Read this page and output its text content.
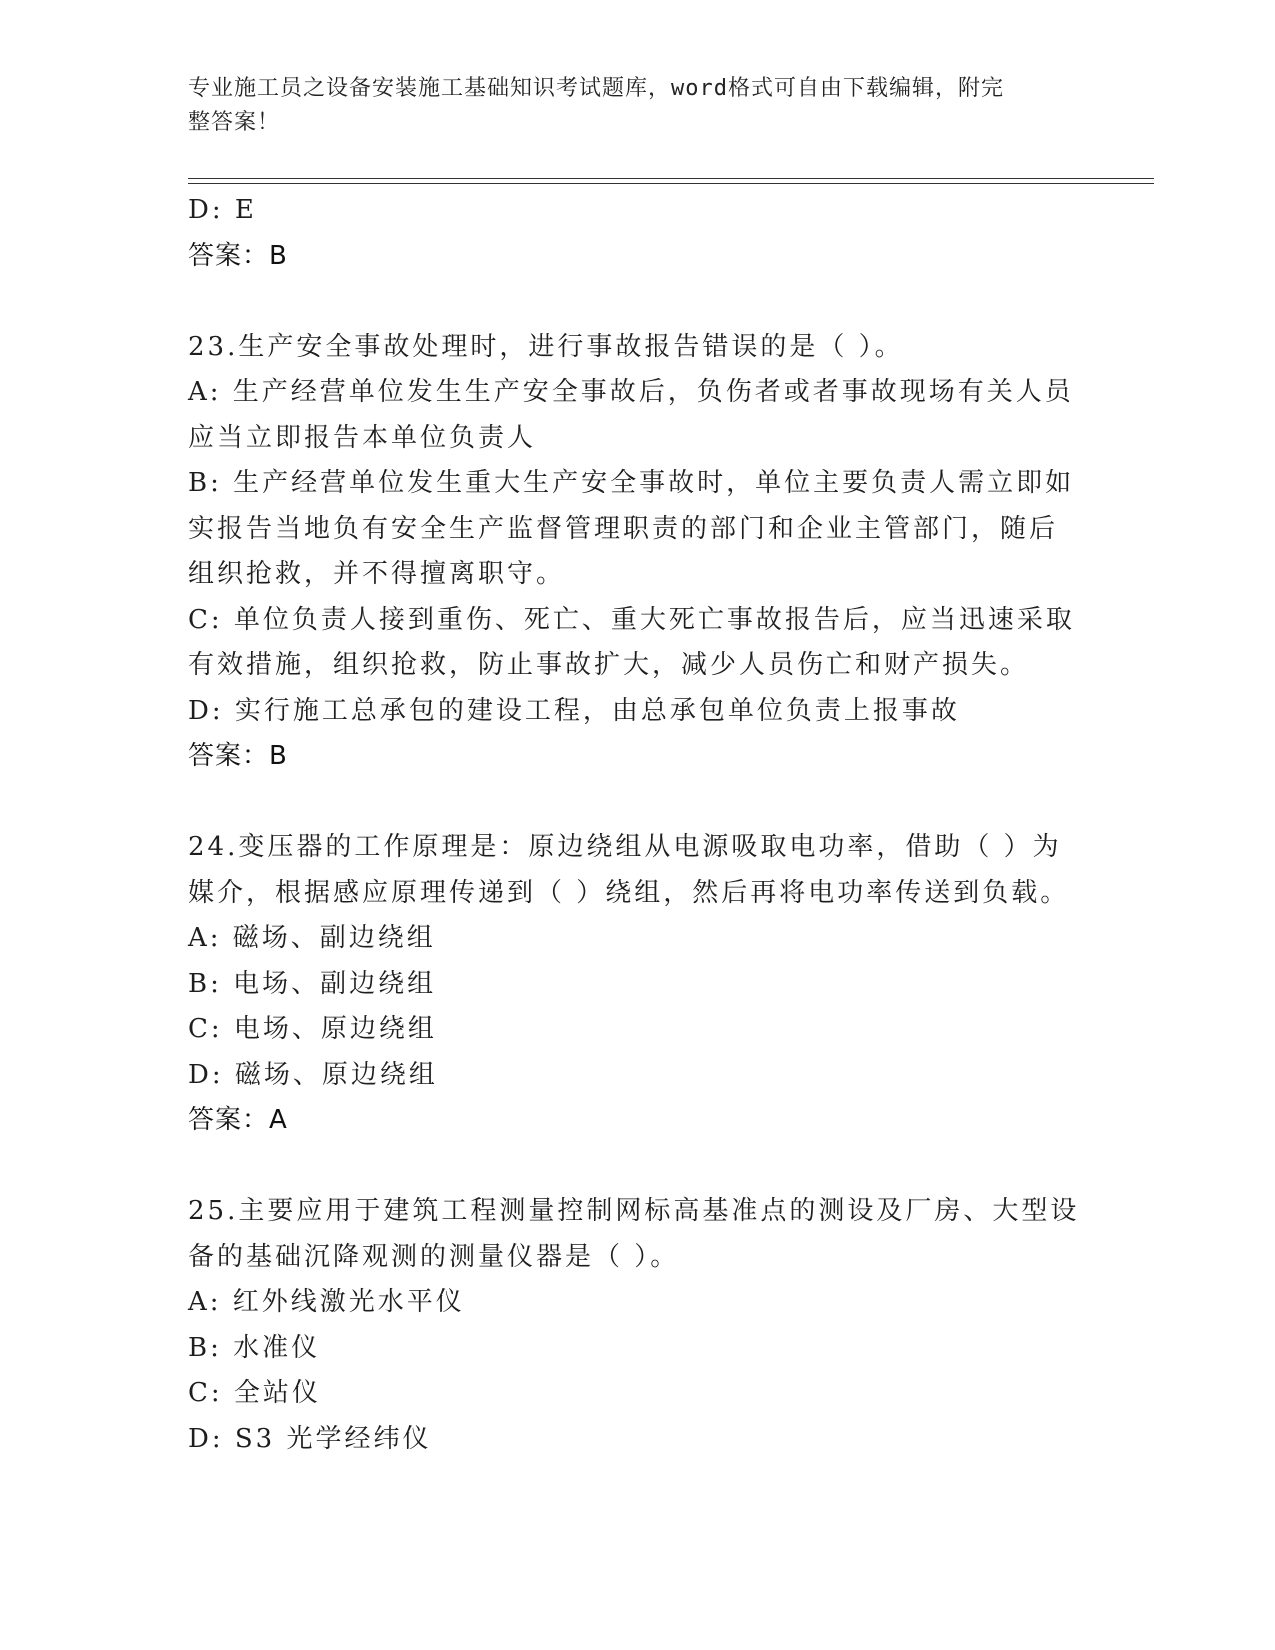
专业施工员之设备安装施工基础知识考试题库，word格式可自由下载编辑，附完
整答案！
D: E
答案：B
23.生产安全事故处理时，进行事故报告错误的是（ ）。
A: 生产经营单位发生生产安全事故后，负伤者或者事故现场有关人员
应当立即报告本单位负责人
B: 生产经营单位发生重大生产安全事故时，单位主要负责人需立即如
实报告当地负有安全生产监督管理职责的部门和企业主管部门，随后
组织抢救，并不得擅离职守。
C: 单位负责人接到重伤、死亡、重大死亡事故报告后，应当迅速采取
有效措施，组织抢救，防止事故扩大，减少人员伤亡和财产损失。
D: 实行施工总承包的建设工程，由总承包单位负责上报事故
答案：B
24.变压器的工作原理是：原边绕组从电源吸取电功率，借助（ ）为
媒介，根据感应原理传递到（ ）绕组，然后再将电功率传送到负载。
A: 磁场、副边绕组
B: 电场、副边绕组
C: 电场、原边绕组
D: 磁场、原边绕组
答案：A
25.主要应用于建筑工程测量控制网标高基准点的测设及厂房、大型设
备的基础沉降观测的测量仪器是（ ）。
A: 红外线激光水平仪
B: 水准仪
C: 全站仪
D: S3 光学经纬仪
